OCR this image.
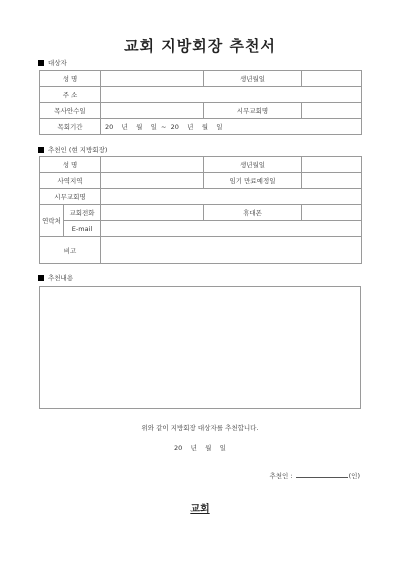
교회 지방회장 추천서
대상자
성 명		생년월일	
주 소			
목사안수일		시무교회명	
목회기간	20    년    월    일  ~  20    년    월    일		
추천인 (현 지방회장)
성 명			생년월일	
사역지역			임기 만료예정일	
시무교회명				
연락처	교회전화		휴대폰	
	E-mail			
비고				
추천내용
위와 같이 지방회장 대상자를 추천합니다.
20    년    월    일
추천인 :	(인)
교회
